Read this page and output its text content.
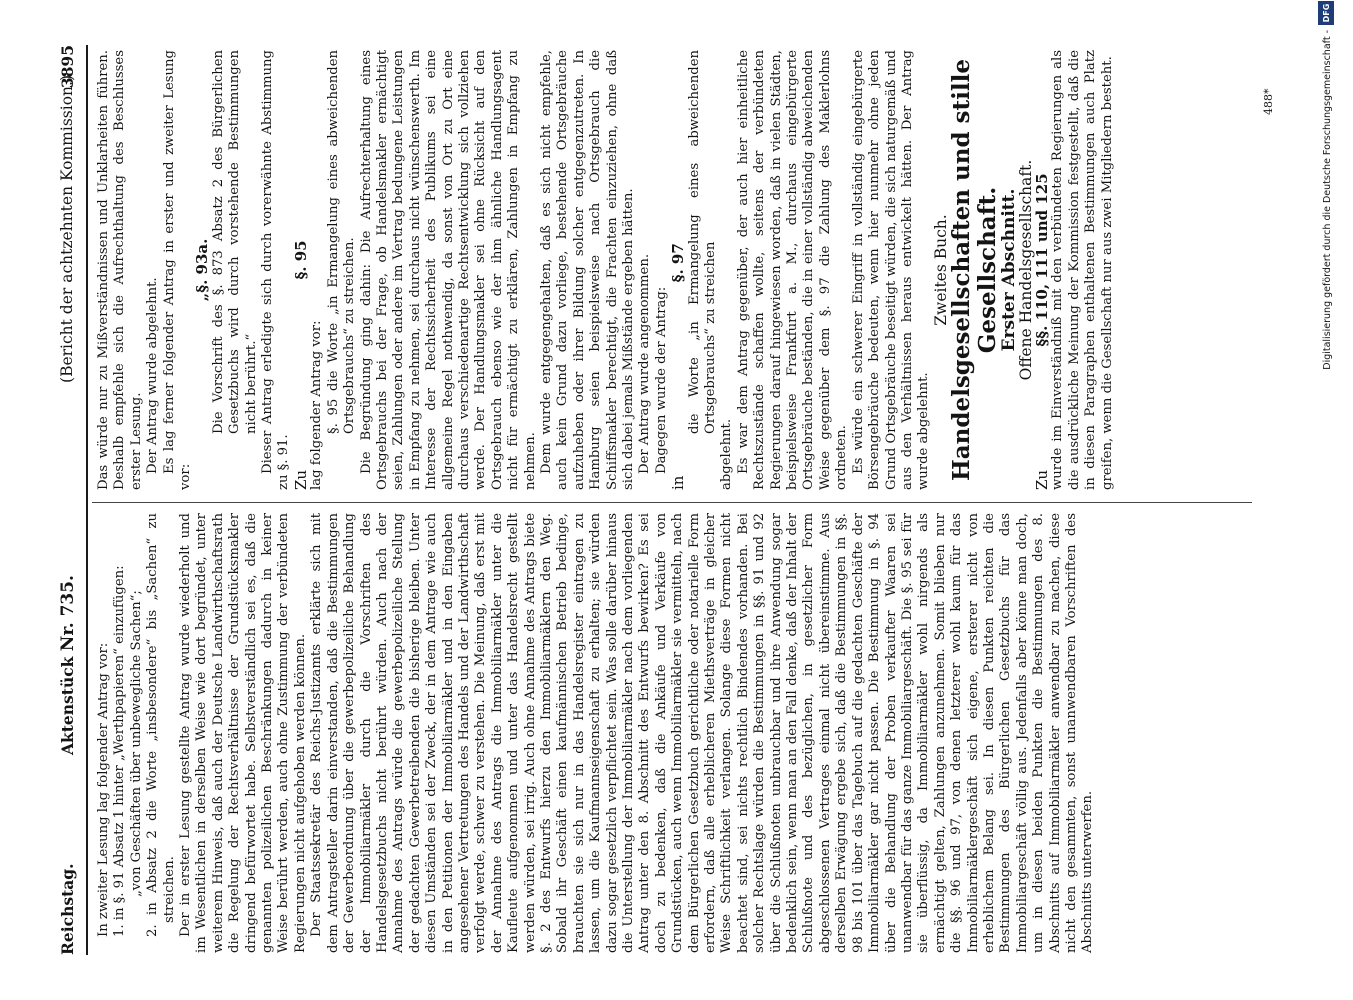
Reichstag.
Aktenstück Nr. 735.
(Bericht der achtzehnten Kommission.)
3895

In zweiter Lesung lag folgender Antrag vor: 1. in §. 91 Absatz 1 hinter „Werthpapieren“ einzufügen: „von Geschäften über unbewegliche Sachen“; 2. in Absatz 2 die Worte „insbesondere“ bis „Sachen“ zu streichen. Der in erster Lesung gestellte Antrag wurde wiederholt und im Wesentlichen in derselben Weise wie dort begründet, unter weiterem Hinweis, daß auch der Deutsche Landwirthschaftsrath die Regelung der Rechtsverhältnisse der Grundstücksmakler dringend befürwortet habe. Selbstverständlich sei es, daß die genannten polizeilichen Beschränkungen dadurch in keiner Weise berührt werden, auch ohne Zustimmung der verbündeten Regierungen nicht aufgehoben werden können. Der Staatssekretär des Reichs-Justizamts erklärte sich mit dem Antragsteller darin einverstanden, daß die Bestimmungen der Gewerbeordnung über die gewerbepolizeiliche Behandlung der Immobiliarmäkler durch die Vorschriften des Handelsgesetzbuchs nicht berührt würden. Auch nach der Annahme des Antrags würde die gewerbepolizeiliche Stellung der gedachten Gewerbetreibenden die bisherige bleiben. Unter diesen Umständen sei der Zweck, der in dem Antrage wie auch in den Petitionen der Immobiliarmäkler und in den Eingaben angesehener Vertretungen des Handels und der Landwirthschaft verfolgt werde, schwer zu verstehen. Die Meinung, daß erst mit der Annahme des Antrags die Immobiliarmäkler unter die Kaufleute aufgenommen und unter das Handelsrecht gestellt werden würden, sei irrig. Auch ohne Annahme des Antrags biete §. 2 des Entwurfs hierzu den Immobiliarmäklern den Weg. Sobald ihr Geschäft einen kaufmännischen Betrieb bedinge, brauchten sie sich nur in das Handelsregister eintragen zu lassen, um die Kaufmannseigenschaft zu erhalten; sie würden dazu sogar gesetzlich verpflichtet sein. Was solle darüber hinaus die Unterstellung der Immobiliarmäkler nach dem vorliegenden Antrag unter den 8. Abschnitt des Entwurfs bewirken? Es sei doch zu bedenken, daß die Ankäufe und Verkäufe von Grundstücken, auch wenn Immobiliarmäkler sie vermitteln, nach dem Bürgerlichen Gesetzbuch gerichtliche oder notarielle Form erfordern, daß alle erheblicheren Miethsverträge in gleicher Weise Schriftlichkeit verlangen. Solange diese Formen nicht beachtet sind, sei nichts rechtlich Bindendes vorhanden. Bei solcher Rechtslage würden die Bestimmungen in §§. 91 und 92 über die Schlußnoten unbrauchbar und ihre Anwendung sogar bedenklich sein, wenn man an den Fall denke, daß der Inhalt der Schlußnote und des bezüglichen, in gesetzlicher Form abgeschlossenen Vertrages einmal nicht übereinstimme. Aus derselben Erwägung ergebe sich, daß die Bestimmungen in §§. 98 bis 101 über das Tagebuch auf die gedachten Geschäfte der Immobiliarmäkler gar nicht passen. Die Bestimmung in §. 94 über die Behandlung der Proben verkaufter Waaren sei unanwendbar für das ganze Immobiliargeschäft. Die §. 95 sei für sie überflüssig, da Immobiliarmäkler wohl nirgends als ermächtigt gelten, Zahlungen anzunehmen. Somit blieben nur die §§. 96 und 97, von denen letzterer wohl kaum für das Immobiliarmäklergeschäft sich eigene, ersterer nicht von erheblichem Belang sei. In diesen Punkten reichten die Bestimmungen des Bürgerlichen Gesetzbuchs für das Immobiliargeschäft völlig aus. Jedenfalls aber könne man doch, um in diesen beiden Punkten die Bestimmungen des 8. Abschnitts auf Immobiliarmäkler anwendbar zu machen, diese nicht den gesammten, sonst unanwendbaren Vorschriften des Abschnitts unterwerfen.

Das würde nur zu Mißverständnissen und Unklarheiten führen. Deshalb empfehle sich die Aufrechthaltung des Beschlusses erster Lesung. Der Antrag wurde abgelehnt. Es lag ferner folgender Antrag in erster und zweiter Lesung vor:

„§. 93a. Die Vorschrift des §. 873 Absatz 2 des Bürgerlichen Gesetzbuchs wird durch vorstehende Bestimmungen nicht berührt.“ Dieser Antrag erledigte sich durch vorerwähnte Abstimmung zu §. 91. Zu
§. 95

lag folgender Antrag vor: §. 95 die Worte „in Ermangelung eines abweichenden Ortsgebrauchs“ zu streichen. Die Begründung ging dahin: Die Aufrechterhaltung eines Ortsgebrauchs bei der Frage, ob Handelsmakler ermächtigt seien, Zahlungen oder andere im Vertrag bedungene Leistungen in Empfang zu nehmen, sei durchaus nicht wünschenswerth. Im Interesse der Rechtssicherheit des Publikums sei eine allgemeine Regel nothwendig, da sonst von Ort zu Ort eine durchaus verschiedenartige Rechtsentwicklung sich vollziehen werde. Der Handlungsmakler sei ohne Rücksicht auf den Ortsgebrauch ebenso wie der ihm ähnliche Handlungsagent nicht für ermächtigt zu erklären, Zahlungen in Empfang zu nehmen. Dem wurde entgegengehalten, daß es sich nicht empfehle, auch kein Grund dazu vorliege, bestehende Ortsgebräuche aufzuheben oder ihrer Bildung solcher entgegenzutreten. In Hamburg seien beispielsweise nach Ortsgebrauch die Schiffsmakler berechtigt, die Frachten einzuziehen, ohne daß sich dabei jemals Mißstände ergeben hätten. Der Antrag wurde angenommen. Dagegen wurde der Antrag:

in
§. 97 die Worte „in Ermangelung eines abweichenden Ortsgebrauchs“ zu streichen

abgelehnt. Es war dem Antrag gegenüber, der auch hier einheitliche Rechtszustände schaffen wollte, seitens der verbündeten Regierungen darauf hingewiesen worden, daß in vielen Städten, beispielsweise Frankfurt a. M., durchaus eingebürgerte Ortsgebräuche beständen, die in einer vollständig abweichenden Weise gegenüber dem §. 97 die Zahlung des Maklerlohns ordneten. Es würde ein schwerer Eingriff in vollständig eingebürgerte Börsengebräuche bedeuten, wenn hier nunmehr ohne jeden Grund Ortsgebräuche beseitigt würden, die sich naturgemäß und aus den Verhältnissen heraus entwickelt hätten. Der Antrag wurde abgelehnt.

Zweites Buch.

Handelsgesellschaften und stille Gesellschaft.

Erster Abschnitt.

Offene Handelsgesellschaft.

Zu
§§. 110, 111 und 125 wurde im Einverständniß mit den verbündeten Regierungen als die ausdrückliche Meinung der Kommission festgestellt, daß die in diesen Paragraphen enthaltenen Bestimmungen auch Platz greifen, wenn die Gesellschaft nur aus zwei Mitgliedern besteht.	488*	Digitalisierung gefördert durch die Deutsche Forschungsgemeinschaft -
DFG
